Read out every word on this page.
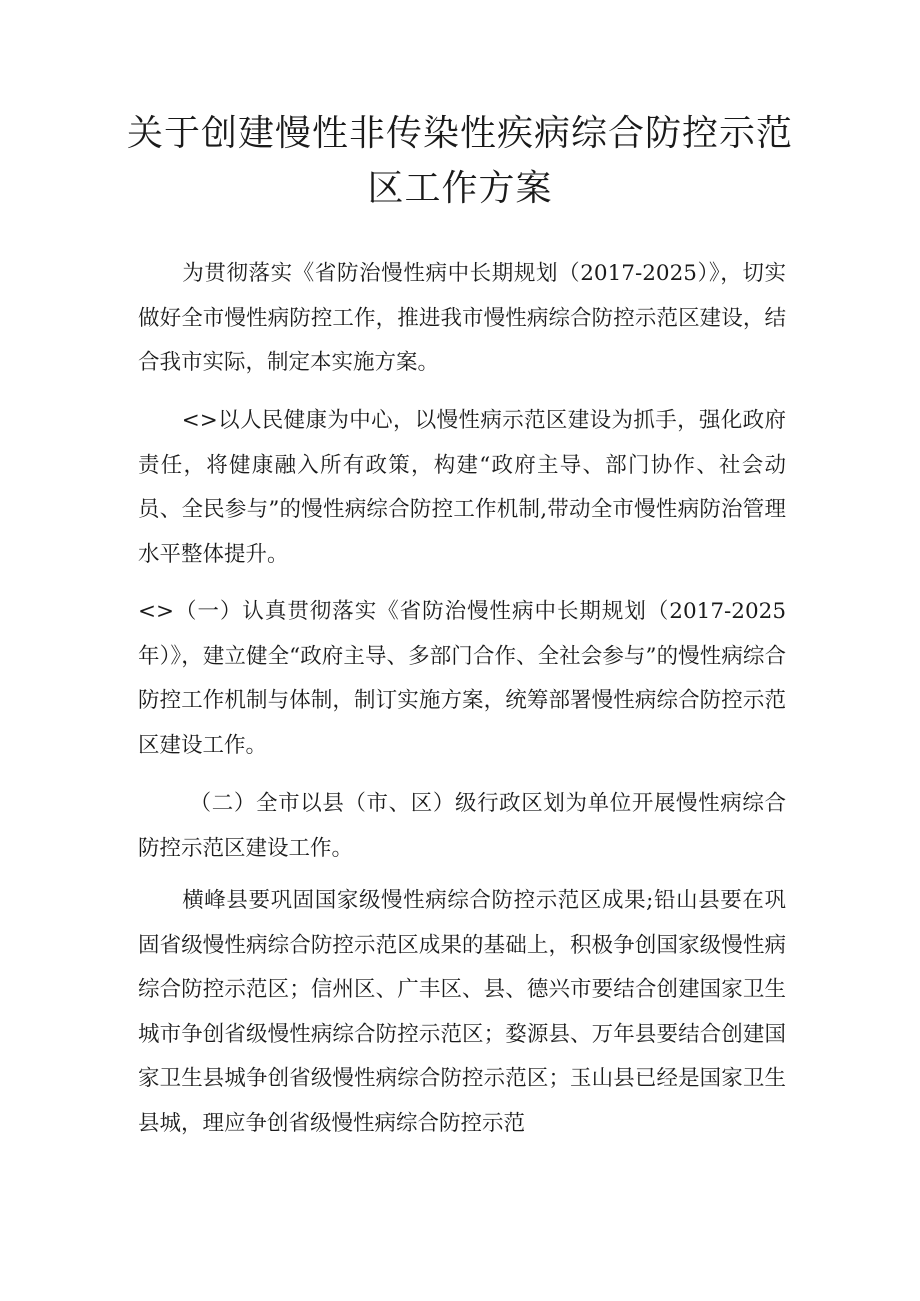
关于创建慢性非传染性疾病综合防控示范
区工作方案

　　为贯彻落实《省防治慢性病中长期规划（2017-2025）》，切实做好全市慢性病防控工作，推进我市慢性病综合防控示范区建设，结合我市实际，制定本实施方案。

　　<>以人民健康为中心，以慢性病示范区建设为抓手，强化政府责任，将健康融入所有政策，构建“政府主导、部门协作、社会动员、全民参与”的慢性病综合防控工作机制,带动全市慢性病防治管理水平整体提升。

<>（一）认真贯彻落实《省防治慢性病中长期规划（2017-2025年）》，建立健全“政府主导、多部门合作、全社会参与”的慢性病综合防控工作机制与体制，制订实施方案，统筹部署慢性病综合防控示范区建设工作。

　　 （二）全市以县（市、区）级行政区划为单位开展慢性病综合防控示范区建设工作。

　　横峰县要巩固国家级慢性病综合防控示范区成果;铅山县要在巩固省级慢性病综合防控示范区成果的基础上，积极争创国家级慢性病综合防控示范区；信州区、广丰区、县、德兴市要结合创建国家卫生城市争创省级慢性病综合防控示范区；婺源县、万年县要结合创建国家卫生县城争创省级慢性病综合防控示范区；玉山县已经是国家卫生县城，理应争创省级慢性病综合防控示范
